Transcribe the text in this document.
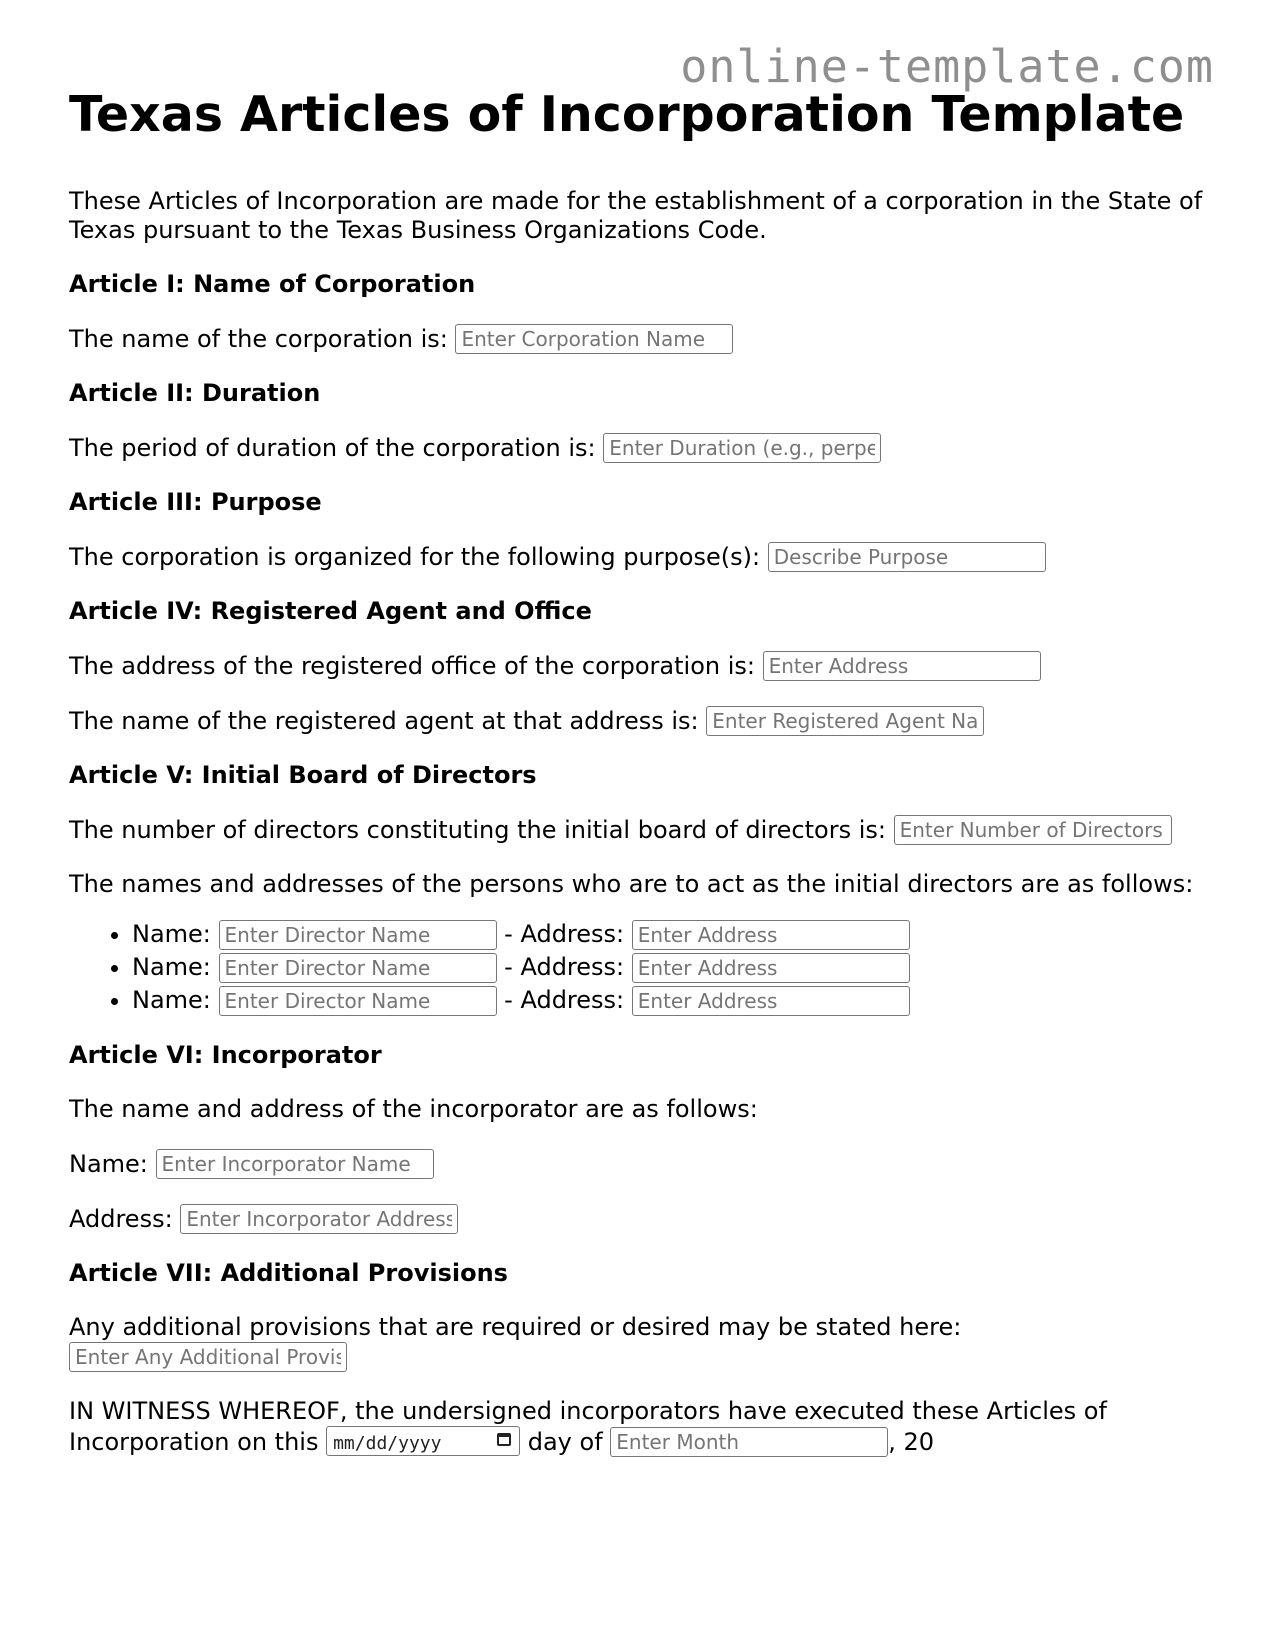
online-template.com
Texas Articles of Incorporation Template

These Articles of Incorporation are made for the establishment of a corporation in the State of Texas pursuant to the Texas Business Organizations Code.

Article I: Name of Corporation

The name of the corporation is: Enter Corporation Name

Article II: Duration

The period of duration of the corporation is: Enter Duration (e.g., perpetual)

Article III: Purpose

The corporation is organized for the following purpose(s): Describe Purpose

Article IV: Registered Agent and Office

The address of the registered office of the corporation is: Enter Address

The name of the registered agent at that address is: Enter Registered Agent Name

Article V: Initial Board of Directors

The number of directors constituting the initial board of directors is: Enter Number of Directors

The names and addresses of the persons who are to act as the initial directors are as follows:

• Name: Enter Director Name	- Address: Enter Address
• Name: Enter Director Name	- Address: Enter Address
• Name: Enter Director Name	- Address: Enter Address
Article VI: Incorporator

The name and address of the incorporator are as follows:

Name: Enter Incorporator Name

Address: Enter Incorporator Address

Article VII: Additional Provisions

Any additional provisions that are required or desired may be stated here:
Enter Any Additional Provisions

IN WITNESS WHEREOF, the undersigned incorporators have executed these Articles of Incorporation on this mm/dd/yyyy	day of Enter Month	, 20
